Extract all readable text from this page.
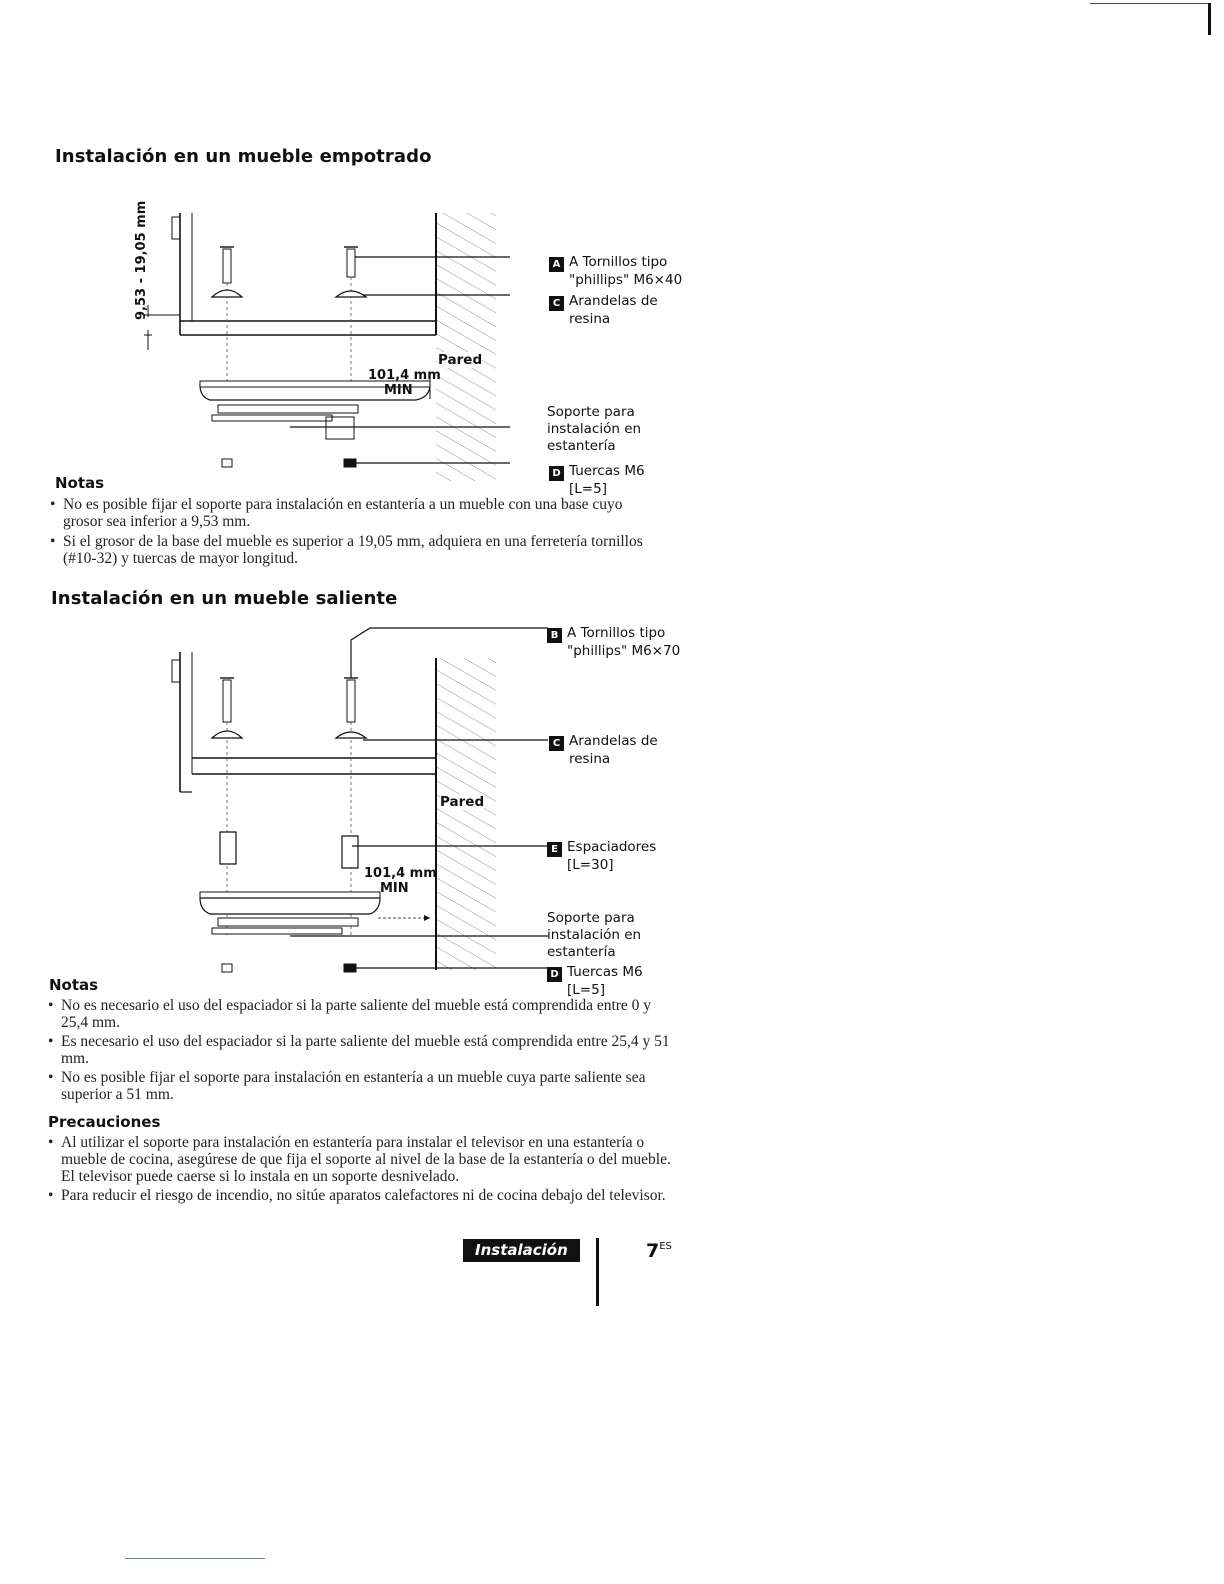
Instalación en un mueble empotrado
9,53 - 19,05 mm
Pared
101,4 mm
MIN
A A Tornillos tipo
"phillips" M6×40
C Arandelas de
resina
Soporte para
instalación en
estantería
D Tuercas M6
[L=5]
Notas
• No es posible fijar el soporte para instalación en estantería a un mueble con una base cuyo grosor sea inferior a 9,53 mm.
• Si el grosor de la base del mueble es superior a 19,05 mm, adquiera en una ferretería tornillos (#10-32) y tuercas de mayor longitud.
Instalación en un mueble saliente
Pared
101,4 mm
MIN
B A Tornillos tipo
"phillips" M6×70
C Arandelas de
resina
E Espaciadores
[L=30]
Soporte para
instalación en
estantería
D Tuercas M6
[L=5]
Notas
• No es necesario el uso del espaciador si la parte saliente del mueble está comprendida entre 0 y 25,4 mm.
• Es necesario el uso del espaciador si la parte saliente del mueble está comprendida entre 25,4 y 51 mm.
• No es posible fijar el soporte para instalación en estantería a un mueble cuya parte saliente sea superior a 51 mm.
Precauciones
• Al utilizar el soporte para instalación en estantería para instalar el televisor en una estantería o mueble de cocina, asegúrese de que fija el soporte al nivel de la base de la estantería o del mueble. El televisor puede caerse si lo instala en un soporte desnivelado.
• Para reducir el riesgo de incendio, no sitúe aparatos calefactores ni de cocina debajo del televisor.
Instalación	$7^{ES}$
